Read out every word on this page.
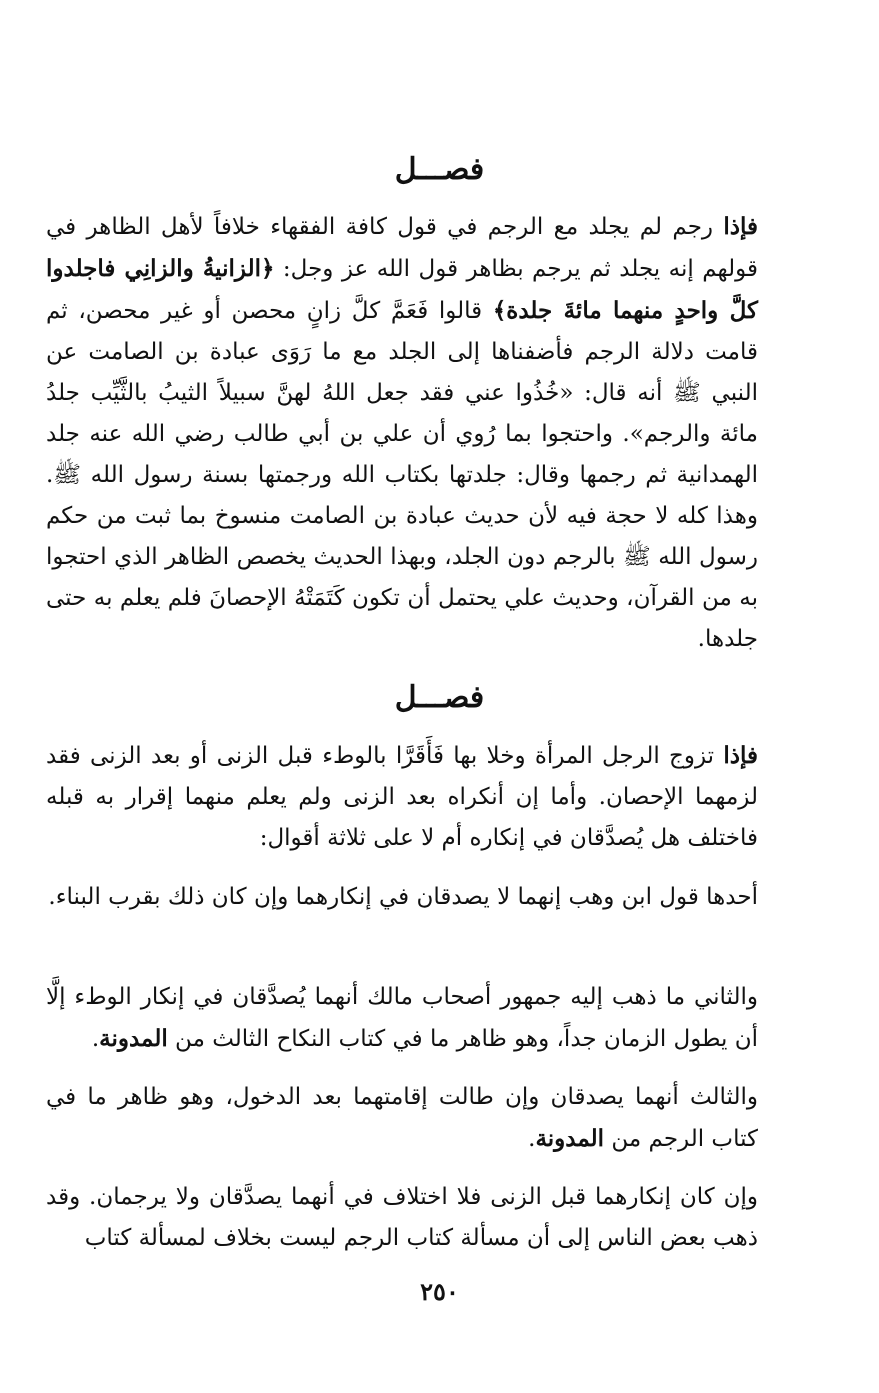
فصـــل

فإذا رجم لم يجلد مع الرجم في قول كافة الفقهاء خلافاً لأهل الظاهر في قولهم إنه يجلد ثم يرجم بظاهر قول الله عز وجل: ﴿الزانيةُ والزانِي فاجلدوا كلَّ واحدٍ منهما مائةَ جلدة﴾ قالوا فَعَمَّ كلَّ زانٍ محصن أو غير محصن، ثم قامت دلالة الرجم فأضفناها إلى الجلد مع ما رَوَى عبادة بن الصامت عن النبي ﷺ أنه قال: «خُذُوا عني فقد جعل اللهُ لهنَّ سبيلاً الثيبُ بالثَّيِّب جلدُ مائة والرجم». واحتجوا بما رُوي أن علي بن أبي طالب رضي الله عنه جلد الهمدانية ثم رجمها وقال: جلدتها بكتاب الله ورجمتها بسنة رسول الله ﷺ. وهذا كله لا حجة فيه لأن حديث عبادة بن الصامت منسوخ بما ثبت من حكم رسول الله ﷺ بالرجم دون الجلد، وبهذا الحديث يخصص الظاهر الذي احتجوا به من القرآن، وحديث علي يحتمل أن تكون كَتَمَتْهُ الإحصانَ فلم يعلم به حتى جلدها.

فصـــل

فإذا تزوج الرجل المرأة وخلا بها فَأَقَرَّا بالوطء قبل الزنى أو بعد الزنى فقد لزمهما الإحصان. وأما إن أنكراه بعد الزنى ولم يعلم منهما إقرار به قبله فاختلف هل يُصدَّقان في إنكاره أم لا على ثلاثة أقوال:

أحدها قول ابن وهب إنهما لا يصدقان في إنكارهما وإن كان ذلك بقرب البناء.

والثاني ما ذهب إليه جمهور أصحاب مالك أنهما يُصدَّقان في إنكار الوطء إلَّا أن يطول الزمان جداً، وهو ظاهر ما في كتاب النكاح الثالث من المدونة.

والثالث أنهما يصدقان وإن طالت إقامتهما بعد الدخول، وهو ظاهر ما في كتاب الرجم من المدونة.

وإن كان إنكارهما قبل الزنى فلا اختلاف في أنهما يصدَّقان ولا يرجمان. وقد ذهب بعض الناس إلى أن مسألة كتاب الرجم ليست بخلاف لمسألة كتاب

٢٥٠
